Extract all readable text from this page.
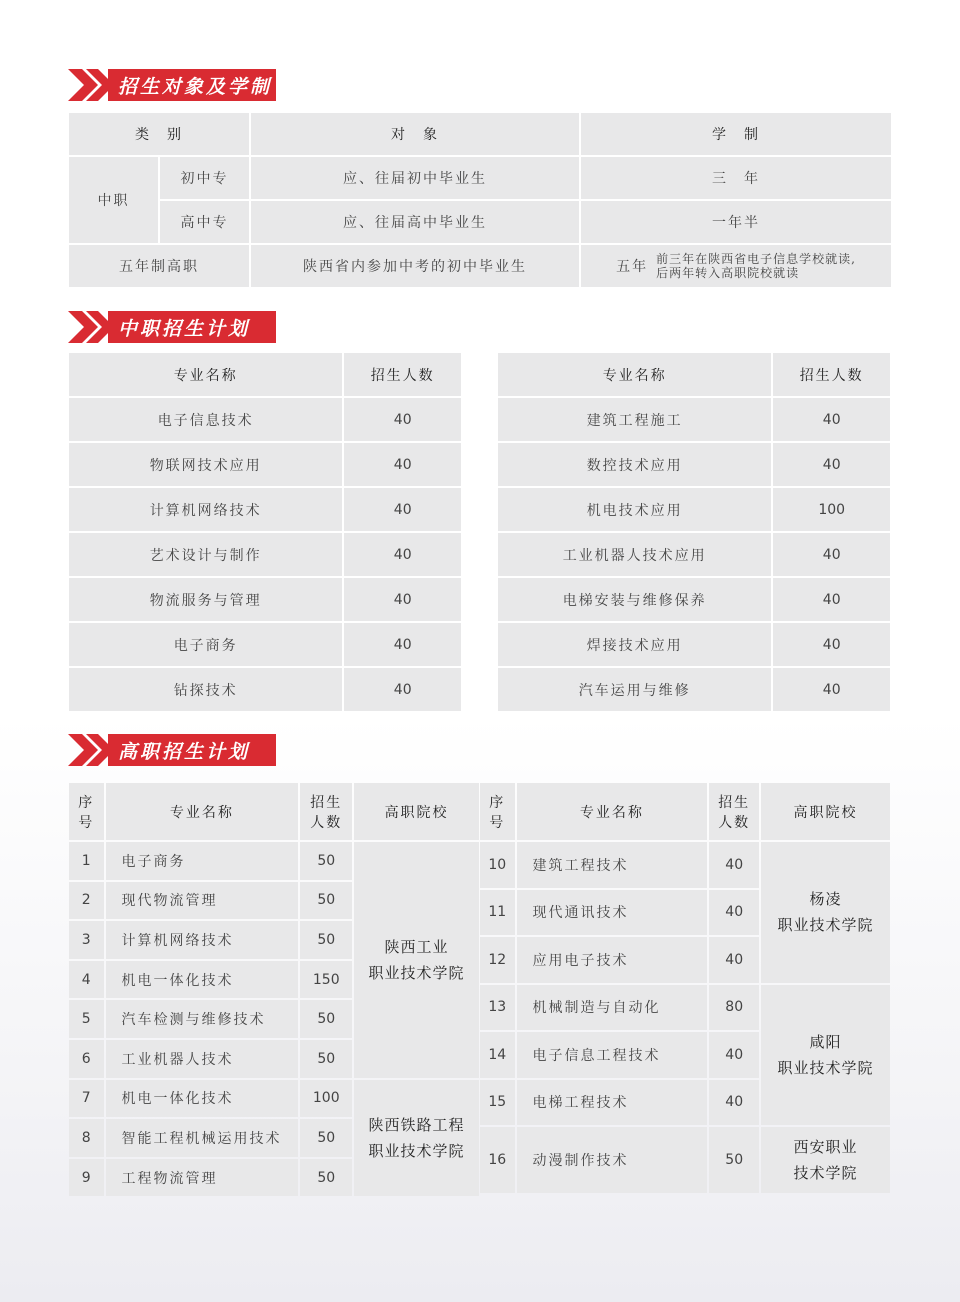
招生对象及学制
类　别		对　象	学　制
中职	初中专	应、往届初中毕业生	三　年
	高中专	应、往届高中毕业生	一年半
五年制高职		陕西省内参加中考的初中毕业生	五年 前三年在陕西省电子信息学校就读,
后两年转入高职院校就读
中职招生计划
专业名称	招生人数
电子信息技术	40
物联网技术应用	40
计算机网络技术	40
艺术设计与制作	40
物流服务与管理	40
电子商务	40
钻探技术	40
专业名称	招生人数
建筑工程施工	40
数控技术应用	40
机电技术应用	100
工业机器人技术应用	40
电梯安装与维修保养	40
焊接技术应用	40
汽车运用与维修	40
高职招生计划
序
号	专业名称	招生
人数	高职院校
1	电子商务	50	陕西工业
职业技术学院
2	现代物流管理	50	
3	计算机网络技术	50	
4	机电一体化技术	150	
5	汽车检测与维修技术	50	
6	工业机器人技术	50	
7	机电一体化技术	100	陕西铁路工程
职业技术学院
8	智能工程机械运用技术	50	
9	工程物流管理	50	
序
号	专业名称	招生
人数	高职院校
10	建筑工程技术	40	杨凌
职业技术学院
11	现代通讯技术	40	
12	应用电子技术	40	
13	机械制造与自动化	80	咸阳
职业技术学院
14	电子信息工程技术	40	
15	电梯工程技术	40	
16	动漫制作技术	50	西安职业
技术学院
